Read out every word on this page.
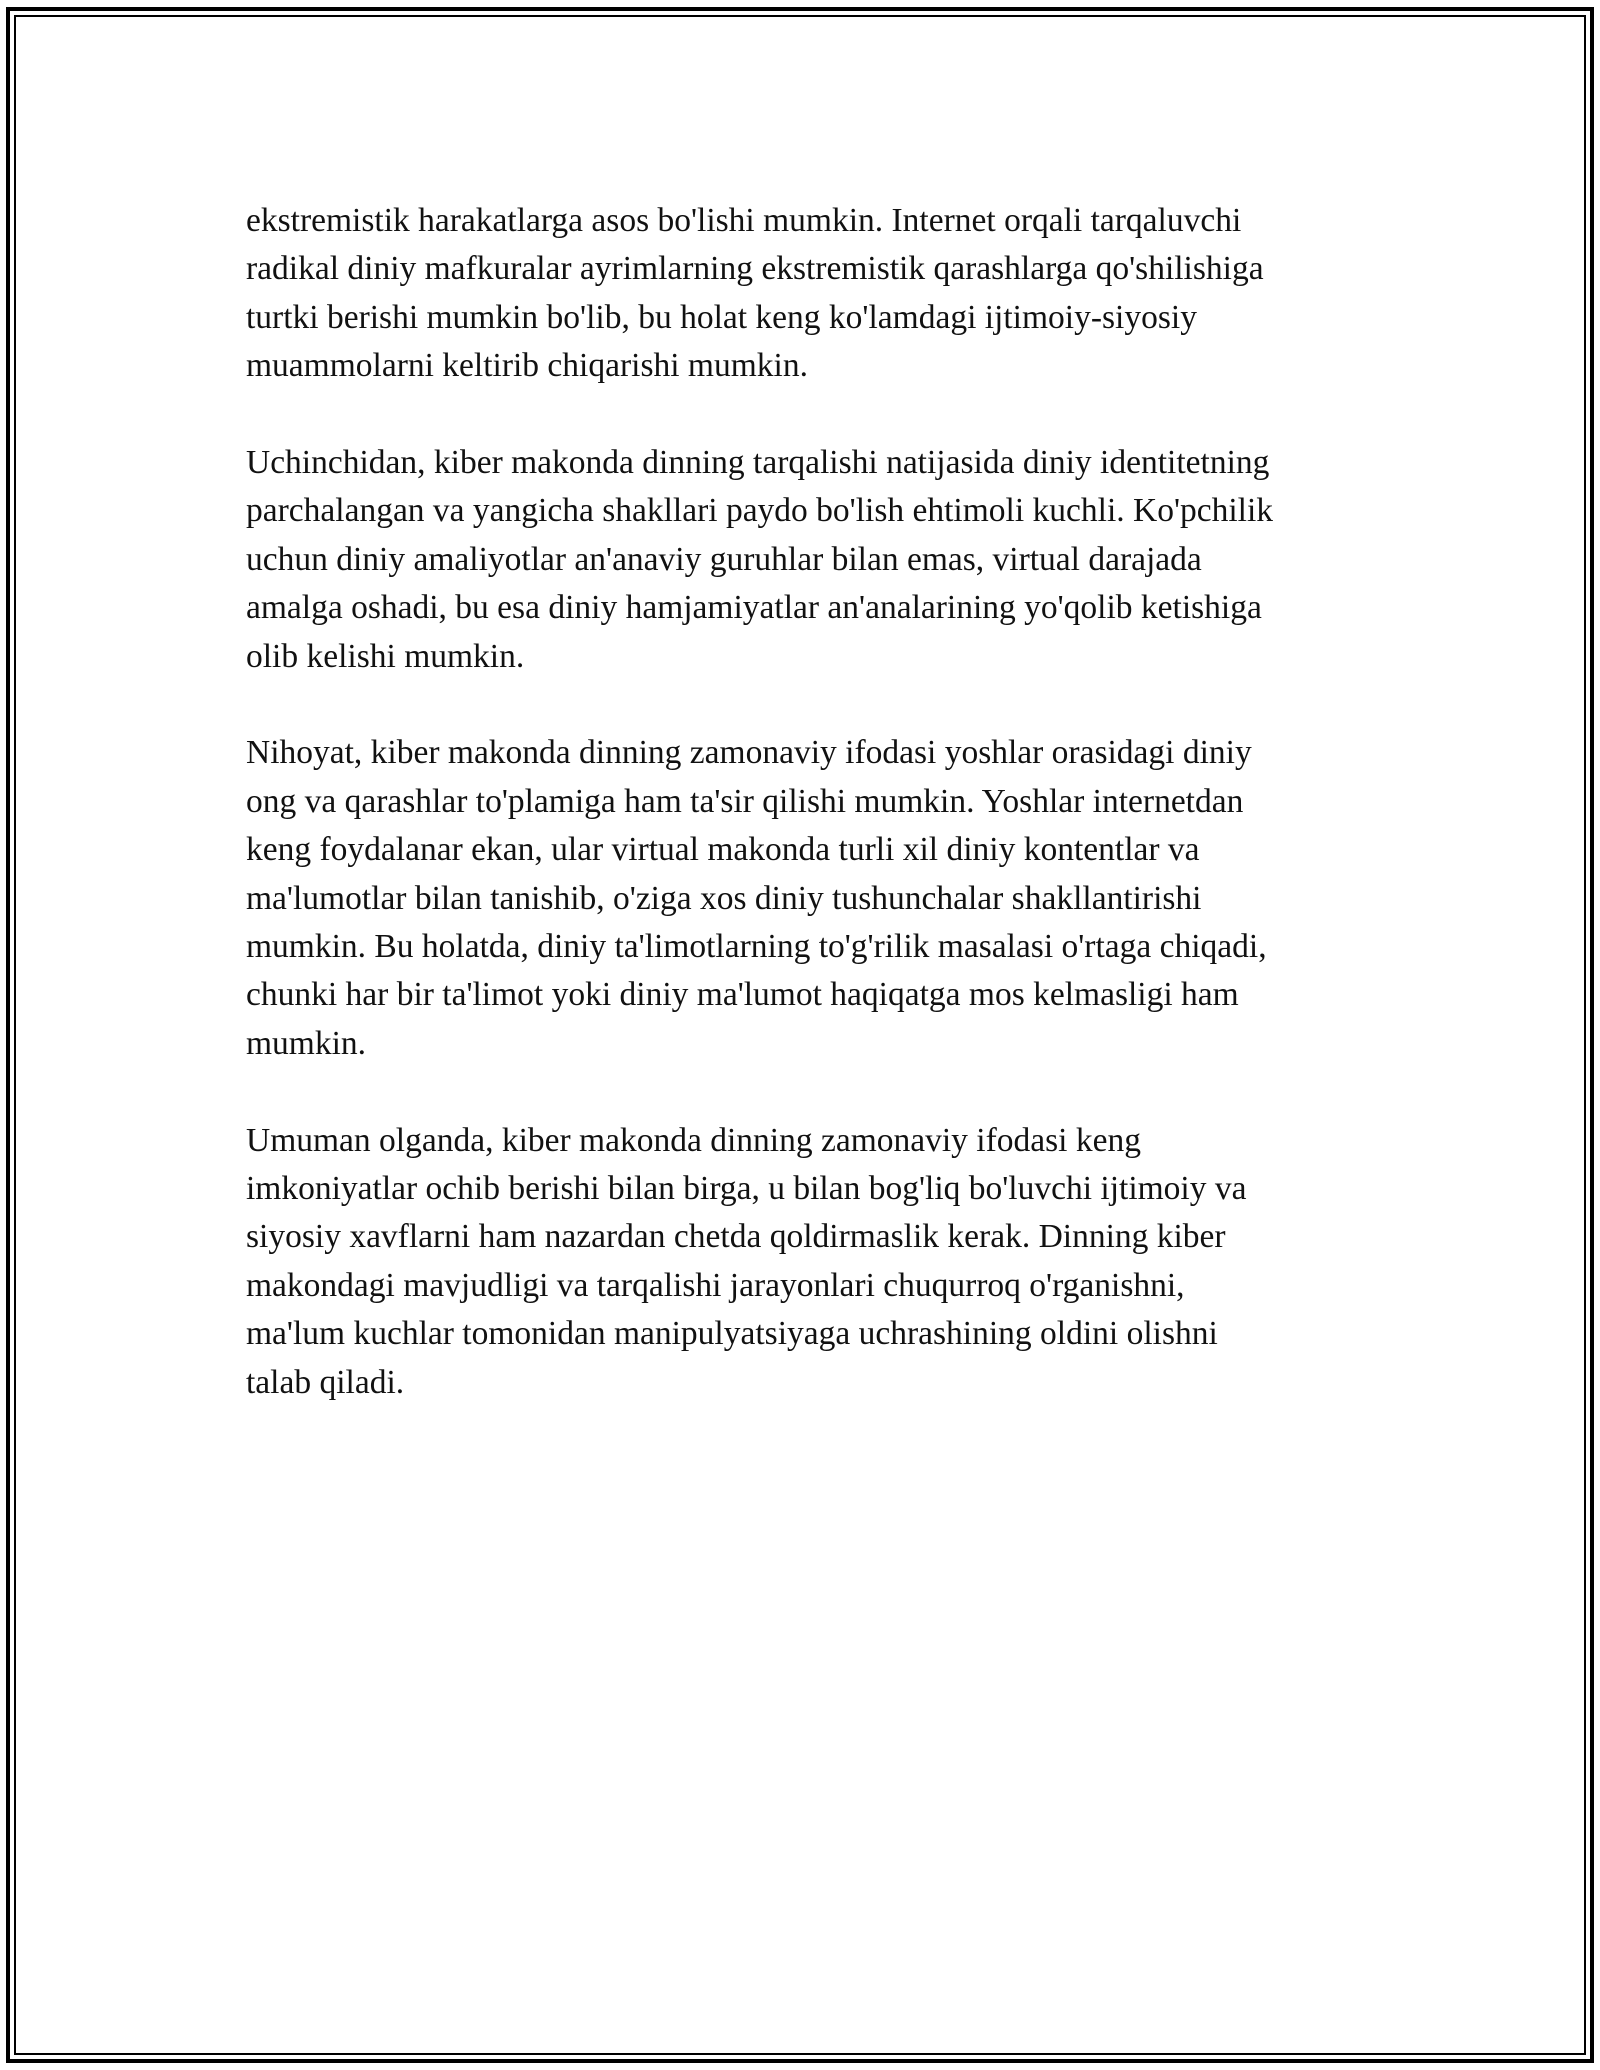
ekstremistik harakatlarga asos bo'lishi mumkin. Internet orqali tarqaluvchi
radikal diniy mafkuralar ayrimlarning ekstremistik qarashlarga qo'shilishiga
turtki berishi mumkin bo'lib, bu holat keng ko'lamdagi ijtimoiy-siyosiy
muammolarni keltirib chiqarishi mumkin.

Uchinchidan, kiber makonda dinning tarqalishi natijasida diniy identitetning
parchalangan va yangicha shakllari paydo bo'lish ehtimoli kuchli. Ko'pchilik
uchun diniy amaliyotlar an'anaviy guruhlar bilan emas, virtual darajada
amalga oshadi, bu esa diniy hamjamiyatlar an'analarining yo'qolib ketishiga
olib kelishi mumkin.

Nihoyat, kiber makonda dinning zamonaviy ifodasi yoshlar orasidagi diniy
ong va qarashlar to'plamiga ham ta'sir qilishi mumkin. Yoshlar internetdan
keng foydalanar ekan, ular virtual makonda turli xil diniy kontentlar va
ma'lumotlar bilan tanishib, o'ziga xos diniy tushunchalar shakllantirishi
mumkin. Bu holatda, diniy ta'limotlarning to'g'rilik masalasi o'rtaga chiqadi,
chunki har bir ta'limot yoki diniy ma'lumot haqiqatga mos kelmasligi ham
mumkin.

Umuman olganda, kiber makonda dinning zamonaviy ifodasi keng
imkoniyatlar ochib berishi bilan birga, u bilan bog'liq bo'luvchi ijtimoiy va
siyosiy xavflarni ham nazardan chetda qoldirmaslik kerak. Dinning kiber
makondagi mavjudligi va tarqalishi jarayonlari chuqurroq o'rganishni,
ma'lum kuchlar tomonidan manipulyatsiyaga uchrashining oldini olishni
talab qiladi.
